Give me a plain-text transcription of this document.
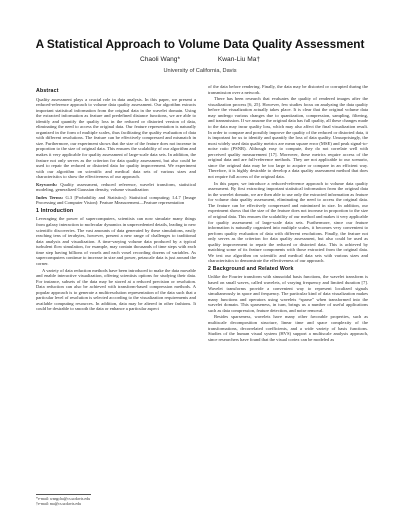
A Statistical Approach to Volume Data Quality Assessment
Chaoli Wang*	Kwan-Liu Ma†
University of California, Davis
Abstract

Quality assessment plays a crucial role in data analysis. In this paper, we present a reduced-reference approach to volume data quality assessment. Our algorithm extracts important statistical information from the original data in the wavelet domain. Using the extracted information as feature and predefined distance functions, we are able to identify and quantify the quality loss in the reduced or distorted version of data, eliminating the need to access the original data. Our feature representation is naturally organized in the form of multiple scales, thus facilitating the quality evaluation of data with different resolutions. The feature can be effectively compressed and mismatch in size. Furthermore, our experiment shows that the size of the feature does not increase in proportion to the size of original data. This ensures the scalability of our algorithm and makes it very applicable for quality assessment of large-scale data sets. In addition, the feature not only serves as the criterion for data quality assessment, but also could be used to repair the reduced or distorted data for quality improvement. We experiment with our algorithm on scientific and medical data sets of various sizes and characteristics to show the effectiveness of our approach.

Keywords: Quality assessment, reduced reference, wavelet transform, statistical modeling, generalized Gaussian density, volume visualization

Index Terms: G.3 [Probability and Statistics]: Statistical computing; I.4.7 [Image Processing and Computer Vision]: Feature Measurement—Feature representation

1 Introduction

Leveraging the power of supercomputers, scientists can now simulate many things from galaxy interaction to molecular dynamics in unprecedented details, leading to new scientific discoveries. The vast amounts of data generated by these simulations, easily reaching tens of terabytes, however, present a new range of challenges to traditional data analysis and visualization. A time-varying volume data produced by a typical turbulent flow simulation, for example, may contain thousands of time steps with each time step having billions of voxels and each voxel recording dozens of variables. As supercomputers continue to increase in size and power, petascale data is just around the corner.

A variety of data reduction methods have been introduced to make the data movable and enable interactive visualization, offering scientists options for studying their data. For instance, subsets of the data may be stored at a reduced precision or resolution. Data reduction can also be achieved with transform-based compression methods. A popular approach is to generate a multiresolution representation of the data such that a particular level of resolution is selected according to the visualization requirements and available computing resources. In addition, data may be altered in other fashions. It could be desirable to smooth the data or enhance a particular aspect

of the data before rendering. Finally, the data may be distorted or corrupted during the transmission over a network.

There has been research that evaluates the quality of rendered images after the visualization process [6, 25]. However, few studies focus on analyzing the data quality before the visualization actually takes place. It is clear that the original volume data may undergo various changes due to quantization, compression, sampling, filtering, and transmission. If we assume the original data has full quality, all these changes made to the data may incur quality loss, which may also affect the final visualization result. In order to compare and possibly improve the quality of the reduced or distorted data, it is important for us to identify and quantify the loss of data quality. Unsurprisingly, the most widely used data quality metrics are mean square error (MSE) and peak signal-to-noise ratio (PSNR). Although easy to compute, they do not correlate well with perceived quality measurement [17]. Moreover, these metrics require access of the original data and are full-reference methods. They are not applicable to our scenario, since the original data may be too large to acquire or compare in an efficient way. Therefore, it is highly desirable to develop a data quality assessment method that does not require full access of the original data.

In this paper, we introduce a reduced-reference approach to volume data quality assessment. By first extracting important statistical information from the original data in the wavelet domain, we are then able to use only the extracted information as feature for volume data quality assessment, eliminating the need to access the original data. The feature can be effectively compressed and minimized in size. In addition, our experiment shows that the size of the feature does not increase in proportion to the size of original data. This ensures the scalability of our method and makes it very applicable for quality assessment of large-scale data sets. Furthermore, since our feature information is naturally organized into multiple scales, it becomes very convenient to perform quality evaluation of data with different resolutions. Finally, the feature not only serves as the criterion for data quality assessment, but also could be used as quality improvement to repair the reduced or distorted data. This is achieved by matching some of its feature components with those extracted from the original data. We test our algorithm on scientific and medical data sets with various sizes and characteristics to demonstrate the effectiveness of our approach.

2 Background and Related Work

Unlike the Fourier transform with sinusoidal basis functions, the wavelet transform is based on small waves, called wavelets, of varying frequency and limited duration [7]. Wavelet transforms provide a convenient way to represent localized signals simultaneously in space and frequency. The particular kind of data visualization makes many functions and operators using wavelets “sparse” when transformed into the wavelet domain. This sparseness, in turn, brings us a number of useful applications such as data compression, feature detection, and noise removal.

Besides sparseness, wavelets have many other favorable properties, such as multiscale decomposition structure, linear time and space complexity of the transformations, decorrelated coefficients, and a wide variety of basis functions. Studies of the human visual system (HVS) support a multiscale analysis approach, since researchers have found that the visual cortex can be modeled as

*e-mail: wangcha@cs.ucdavis.edu
†e-mail: ma@cs.ucdavis.edu
